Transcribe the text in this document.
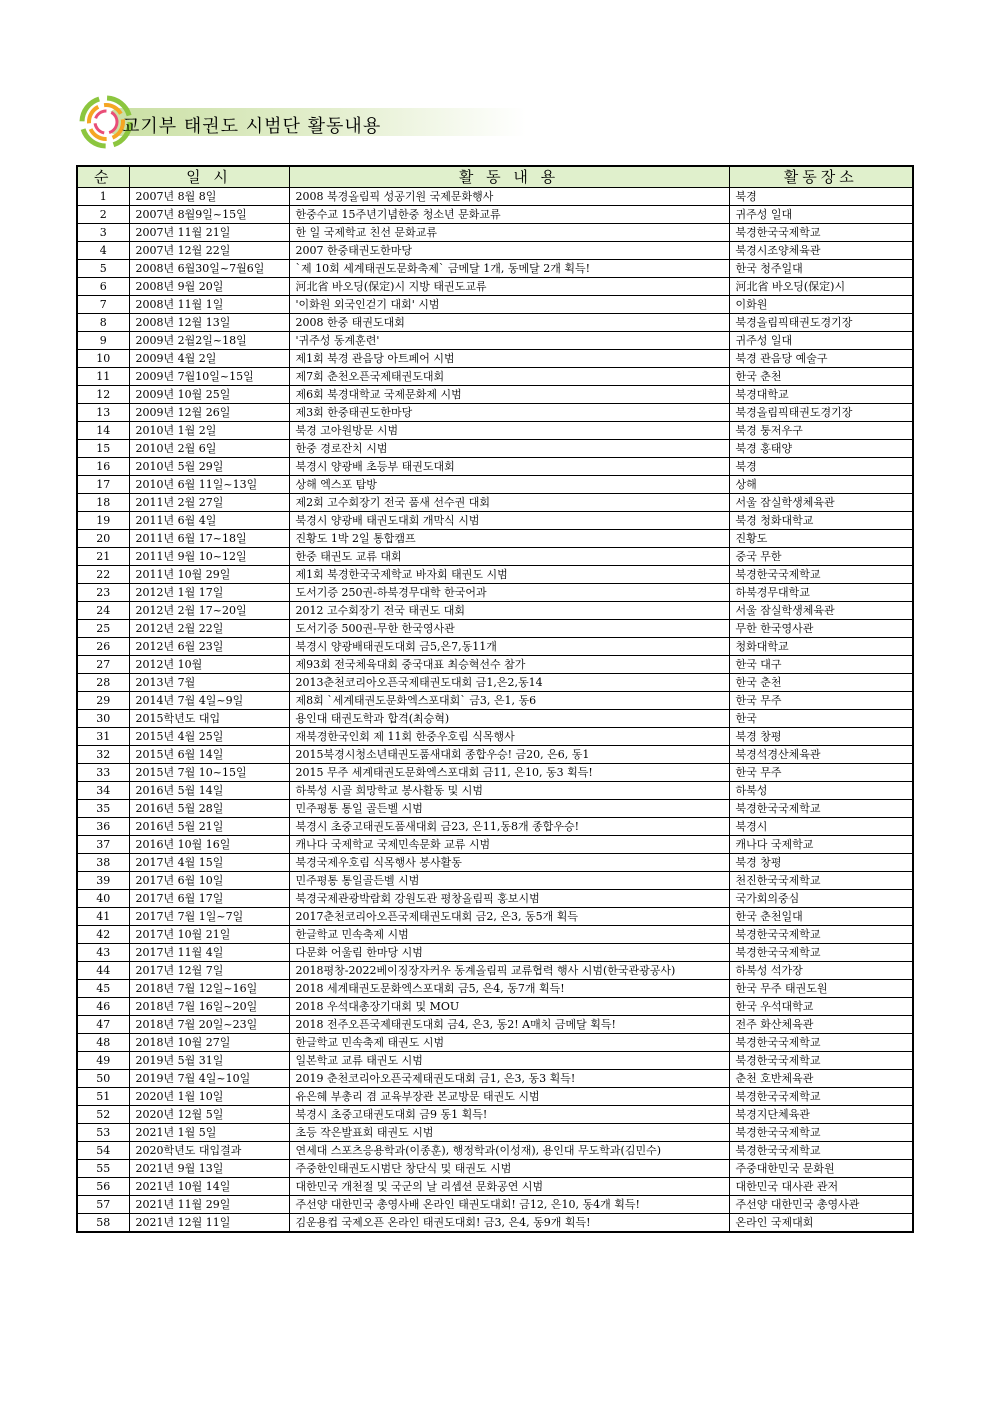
교기부 태권도 시범단 활동내용
순	일 시	활 동 내 용	활동장소
1	2007년 8월 8일	2008 북경올림픽 성공기원 국제문화행사	북경
2	2007년 8월9일~15일	한중수교 15주년기념한중 청소년 문화교류	귀주성 일대
3	2007년 11월 21일	한 일 국제학교 친선 문화교류	북경한국국제학교
4	2007년 12월 22일	2007 한중태권도한마당	북경시조양체육관
5	2008년 6월30일~7월6일	`제 10회 세계태권도문화축제` 금메달 1개, 동메달 2개 획득!	한국 청주일대
6	2008년 9월 20일	河北省 바오딩(保定)시 지방 태권도교류	河北省 바오딩(保定)시
7	2008년 11월 1일	'이화원 외국인걷기 대회' 시범	이화원
8	2008년 12월 13일	2008 한중 태권도대회	북경올림픽태권도경기장
9	2009년 2월2일~18일	'귀주성 동계훈련'	귀주성 일대
10	2009년 4월 2일	제1회 북경 관음당 아트페어 시범	북경 관음당 예술구
11	2009년 7월10일~15일	제7회 춘천오픈국제태권도대회	한국 춘천
12	2009년 10월 25일	제6회 북경대학교 국제문화제 시범	북경대학교
13	2009년 12월 26일	제3회 한중태권도한마당	북경올림픽태권도경기장
14	2010년 1월 2일	북경 고아원방문 시범	북경 퉁저우구
15	2010년 2월 6일	한중 경로잔치 시범	북경 홍태양
16	2010년 5월 29일	북경시 양광배 초등부 태권도대회	북경
17	2010년 6월 11일~13일	상해 엑스포 탐방	상해
18	2011년 2월 27일	제2회 고수회장기 전국 품새 선수권 대회	서울 잠실학생체육관
19	2011년 6월 4일	북경시 양광배 태권도대회 개막식 시범	북경 청화대학교
20	2011년 6월 17~18일	진황도 1박 2일 통합캠프	진황도
21	2011년 9월 10~12일	한중 태권도 교류 대회	중국 무한
22	2011년 10월 29일	제1회 북경한국국제학교 바자회 태권도 시범	북경한국국제학교
23	2012년 1월 17일	도서기증 250권-하북경무대학 한국어과	하북경무대학교
24	2012년 2월 17~20일	2012 고수회장기 전국 태권도 대회	서울 잠실학생체육관
25	2012년 2월 22일	도서기증 500권-무한 한국영사관	무한 한국영사관
26	2012년 6월 23일	북경시 양광배태권도대회 금5,은7,동11개	청화대학교
27	2012년 10월	제93회 전국체육대회 중국대표 최승혁선수 참가	한국 대구
28	2013년 7월	2013춘천코리아오픈국제태권도대회 금1,은2,동14	한국 춘천
29	2014년 7월 4일~9일	제8회 `세계태권도문화엑스포대회` 금3, 은1, 동6	한국 무주
30	2015학년도 대입	용인대 태권도학과 합격(최승혁)	한국
31	2015년 4월 25일	재북경한국인회 제 11회 한중우호림 식목행사	북경 창평
32	2015년 6월 14일	2015북경시청소년태권도품새대회 종합우승! 금20, 은6, 동1	북경석경산체육관
33	2015년 7월 10~15일	2015 무주 세계태권도문화엑스포대회 금11, 은10, 동3 획득!	한국 무주
34	2016년 5월 14일	하북성 시골 희망학교 봉사활동 및 시범	하북성
35	2016년 5월 28일	민주평통 통일 골든벨 시범	북경한국국제학교
36	2016년 5월 21일	북경시 초중고태권도품새대회 금23, 은11,동8개 종합우승!	북경시
37	2016년 10월 16일	캐나다 국제학교 국제민속문화 교류 시범	캐나다 국제학교
38	2017년 4월 15일	북경국제우호림 식목행사 봉사활동	북경 창평
39	2017년 6월 10일	민주평통 통일골든벨 시범	천진한국국제학교
40	2017년 6월 17일	북경국제관광박람회 강원도관 평창올림픽 홍보시범	국가회의중심
41	2017년 7월 1일~7일	2017춘천코리아오픈국제태권도대회 금2, 은3, 동5개 획득	한국 춘천일대
42	2017년 10월 21일	한글학교 민속축제 시범	북경한국국제학교
43	2017년 11월 4일	다문화 어울림 한마당 시범	북경한국국제학교
44	2017년 12월 7일	2018평창-2022베이징장자커우 동계올림픽 교류협력 행사 시범(한국관광공사)	하북성 석가장
45	2018년 7월 12일~16일	2018 세계태권도문화엑스포대회 금5, 은4, 동7개 획득!	한국 무주 태권도원
46	2018년 7월 16일~20일	2018 우석대총장기대회 및 MOU	한국 우석대학교
47	2018년 7월 20일~23일	2018 전주오픈국제태권도대회 금4, 은3, 동2! A매치 금메달 획득!	전주 화산체육관
48	2018년 10월 27일	한글학교 민속축제 태권도 시범	북경한국국제학교
49	2019년 5월 31일	일본학교 교류 태권도 시범	북경한국국제학교
50	2019년 7월 4일~10일	2019 춘천코리아오픈국제태권도대회 금1, 은3, 동3 획득!	춘천 호반체육관
51	2020년 1월 10일	유은혜 부총리 겸 교육부장관 본교방문 태권도 시범	북경한국국제학교
52	2020년 12월 5일	북경시 초중고태권도대회 금9 동1 획득!	북경지단체육관
53	2021년 1월 5일	초등 작은발표회 태권도 시범	북경한국국제학교
54	2020학년도 대입결과	연세대 스포츠응용학과(이종훈), 행정학과(이성재), 용인대 무도학과(김민수)	북경한국국제학교
55	2021년 9월 13일	주중한인태권도시범단 창단식 및 태권도 시범	주중대한민국 문화원
56	2021년 10월 14일	대한민국 개천절 및 국군의 날 리셉션 문화공연 시범	대한민국 대사관 관저
57	2021년 11월 29일	주선양 대한민국 총영사배 온라인 태권도대회! 금12, 은10, 동4개 획득!	주선양 대한민국 총영사관
58	2021년 12월 11일	김운용컵 국제오픈 온라인 태권도대회! 금3, 은4, 동9개 획득!	온라인 국제대회
